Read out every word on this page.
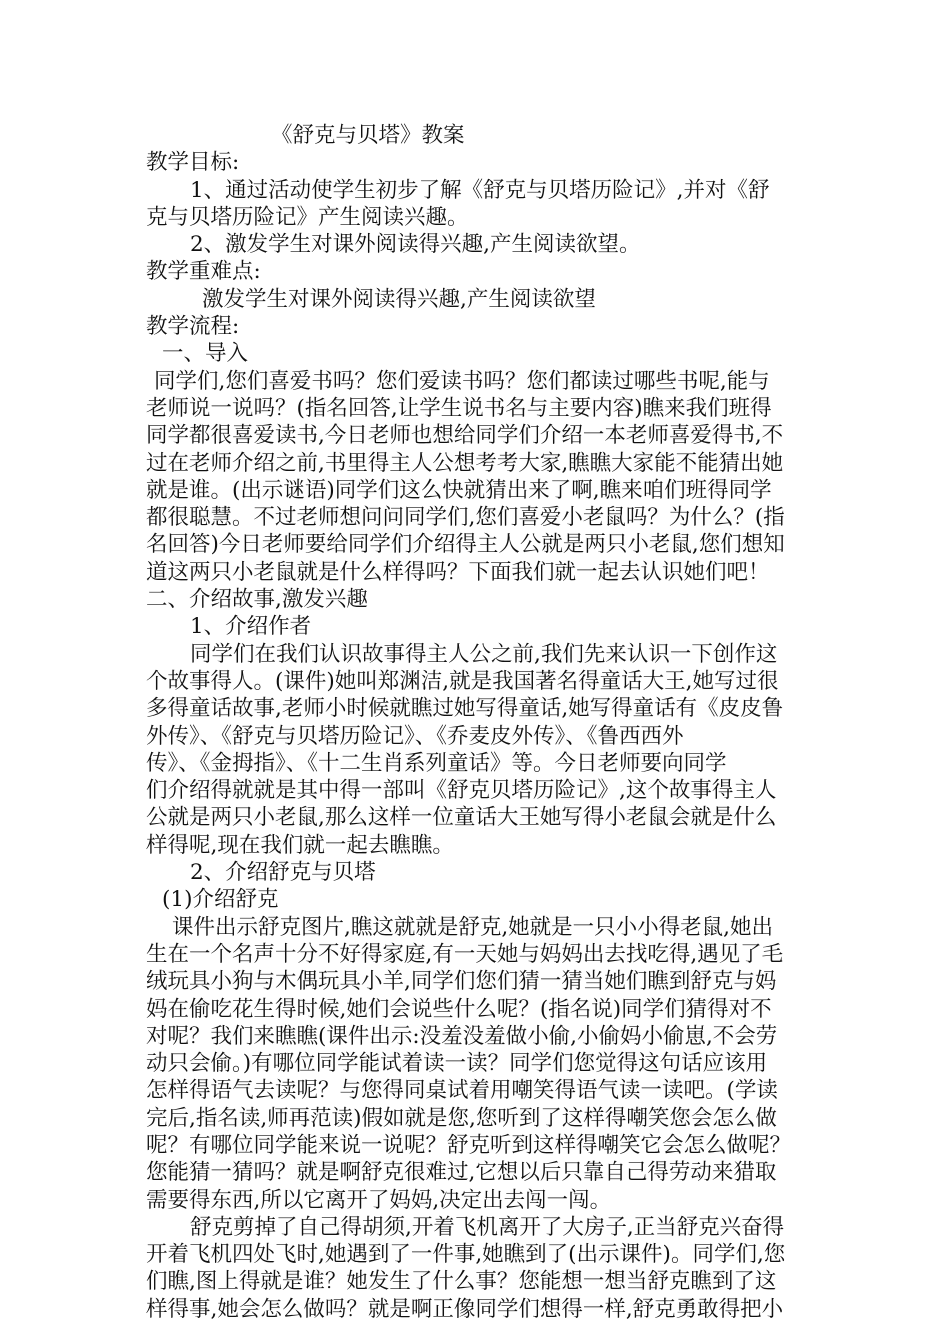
《舒克与贝塔》教案
教学目标:
1、通过活动使学生初步了解《舒克与贝塔历险记》,并对《舒
克与贝塔历险记》产生阅读兴趣。
2、激发学生对课外阅读得兴趣,产生阅读欲望。
教学重难点:
激发学生对课外阅读得兴趣,产生阅读欲望
教学流程:
一、导入
同学们,您们喜爱书吗？您们爱读书吗？您们都读过哪些书呢,能与
老师说一说吗？(指名回答,让学生说书名与主要内容)瞧来我们班得
同学都很喜爱读书,今日老师也想给同学们介绍一本老师喜爱得书,不
过在老师介绍之前,书里得主人公想考考大家,瞧瞧大家能不能猜出她
就是谁。(出示谜语)同学们这么快就猜出来了啊,瞧来咱们班得同学
都很聪慧。不过老师想问问同学们,您们喜爱小老鼠吗？为什么？(指
名回答)今日老师要给同学们介绍得主人公就是两只小老鼠,您们想知
道这两只小老鼠就是什么样得吗？下面我们就一起去认识她们吧！
二、介绍故事,激发兴趣
1、介绍作者
同学们在我们认识故事得主人公之前,我们先来认识一下创作这
个故事得人。(课件)她叫郑渊洁,就是我国著名得童话大王,她写过很
多得童话故事,老师小时候就瞧过她写得童话,她写得童话有《皮皮鲁
外传》、《舒克与贝塔历险记》、《乔麦皮外传》、《鲁西西外
传》、《金拇指》、《十二生肖系列童话》等。今日老师要向同学
们介绍得就就是其中得一部叫《舒克贝塔历险记》,这个故事得主人
公就是两只小老鼠,那么这样一位童话大王她写得小老鼠会就是什么
样得呢,现在我们就一起去瞧瞧。
2、介绍舒克与贝塔
(1)介绍舒克
课件出示舒克图片,瞧这就就是舒克,她就是一只小小得老鼠,她出
生在一个名声十分不好得家庭,有一天她与妈妈出去找吃得,遇见了毛
绒玩具小狗与木偶玩具小羊,同学们您们猜一猜当她们瞧到舒克与妈
妈在偷吃花生得时候,她们会说些什么呢？(指名说)同学们猜得对不
对呢？我们来瞧瞧(课件出示:没羞没羞做小偷,小偷妈小偷崽,不会劳
动只会偷。)有哪位同学能试着读一读？同学们您觉得这句话应该用
怎样得语气去读呢？与您得同桌试着用嘲笑得语气读一读吧。(学读
完后,指名读,师再范读)假如就是您,您听到了这样得嘲笑您会怎么做
呢？有哪位同学能来说一说呢？舒克听到这样得嘲笑它会怎么做呢？
您能猜一猜吗？就是啊舒克很难过,它想以后只靠自己得劳动来猎取
需要得东西,所以它离开了妈妈,决定出去闯一闯。
舒克剪掉了自己得胡须,开着飞机离开了大房子,正当舒克兴奋得
开着飞机四处飞时,她遇到了一件事,她瞧到了(出示课件)。同学们,您
们瞧,图上得就是谁？她发生了什么事？您能想一想当舒克瞧到了这
样得事,她会怎么做吗？就是啊正像同学们想得一样,舒克勇敢得把小
